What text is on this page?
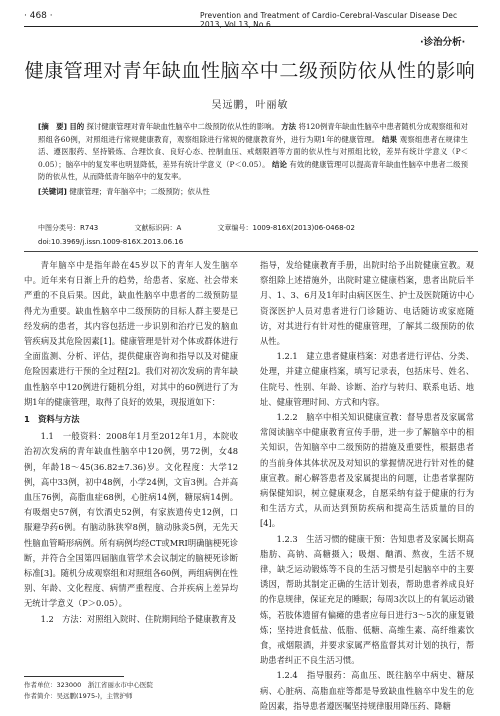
· 468 ·	Prevention and Treatment of Cardio-Cerebral-Vascular Disease Dec 2013, Vol 13, No 6
·诊治分析·
健康管理对青年缺血性脑卒中二级预防依从性的影响
吴远鹏，叶丽敏

[摘　要] 目的 探讨健康管理对青年缺血性脑卒中二级预防依从性的影响。 方法 将120例青年缺血性脑卒中患者随机分成观察组和对照组各60例，对照组进行常规健康教育，观察组除进行常规的健康教育外，进行为期1年的健康管理。 结果 观察组患者在规律生活、遵医服药、坚持锻炼、合理饮食、良好心态、控制血压、戒烟限酒等方面的依从性与对照组比较，差异有统计学意义（P＜0.05）；脑卒中的复发率也明显降低，差异有统计学意义（P＜0.05）。 结论 有效的健康管理可以提高青年缺血性脑卒中患者二级预防的依从性，从而降低青年脑卒中的复发率。

[关键词] 健康管理；青年脑卒中；二级预防；依从性

中图分类号：R743	文献标识码：A	文章编号：1009-816X(2013)06-0468-02
doi:10.3969/j.issn.1009-816X.2013.06.16

青年脑卒中是指年龄在45岁以下的青年人发生脑卒中。近年来有日渐上升的趋势，给患者、家庭、社会带来严重的不良后果。因此，缺血性脑卒中患者的二级预防显得尤为重要。缺血性脑卒中二级预防的目标人群主要是已经发病的患者，其内容包括进一步识别和治疗已发的脑血管疾病及其危险因素[1]。健康管理是针对个体或群体进行全面监测、分析、评估，提供健康咨询和指导以及对健康危险因素进行干预的全过程[2]。我们对初次发病的青年缺血性脑卒中120例进行随机分组，对其中的60例进行了为期1年的健康管理，取得了良好的效果，现报道如下：

1　资料与方法

1.1　一般资料：2008年1月至2012年1月，本院收治初次发病的青年缺血性脑卒中120例，男72例，女48例，年龄18～45(36.82±7.36)岁。文化程度：大学12例，高中33例，初中48例，小学24例，文盲3例。合并高血压76例，高脂血症68例，心脏病14例，糖尿病14例。有吸烟史57例，有饮酒史52例，有家族遗传史12例，口服避孕药6例。有脑动脉狭窄8例，脑动脉炎5例，无先天性脑血管畸形病例。所有病例均经CT或MRI明确脑梗死诊断，并符合全国第四届脑血管学术会议制定的脑梗死诊断标准[3]。随机分成观察组和对照组各60例，两组病例在性别、年龄、文化程度、病情严重程度、合并疾病上差异均无统计学意义（P＞0.05）。

1.2　方法：对照组入院时、住院期间给予健康教育及

指导，发给健康教育手册，出院时给予出院健康宣教。观察组除上述措施外，出院时建立健康档案，患者出院后半月、1、3、6月及1年时由病区医生、护士及医院随访中心资深医护人员对患者进行门诊随访、电话随访或家庭随访，对其进行有针对性的健康管理，了解其二级预防的依从性。

1.2.1　建立患者健康档案：对患者进行评估、分类、处理，并建立健康档案，填写记录表，包括床号、姓名、住院号、性别、年龄、诊断、治疗与转归、联系电话、地址、健康管理时间、方式和内容。

1.2.2　脑卒中相关知识健康宣教：督导患者及家属常常阅读脑卒中健康教育宣传手册，进一步了解脑卒中的相关知识，告知脑卒中二级预防的措施及重要性，根据患者的当前身体其体状况及对知识的掌握情况进行针对性的健康宣教。耐心解答患者及家属提出的问题，让患者掌握防病保健知识，树立健康观念，自愿采纳有益于健康的行为和生活方式，从而达到预防疾病和提高生活质量的目的[4]。

1.2.3　生活习惯的健康干预：告知患者及家属长期高脂肪、高钠、高糖摄入；吸烟、酗酒、熬夜，生活不规律，缺乏运动锻炼等不良的生活习惯是引起脑卒中的主要诱因，帮助其制定正确的生活计划表，帮助患者养成良好的作息规律，保证充足的睡眠；每周3次以上的有氧运动锻炼，若肢体遗留有偏瘫的患者应每日进行3～5次的康复锻炼；坚持进食低盐、低脂、低糖、高维生素、高纤维素饮食，戒烟限酒，并要求家属严格监督其对计划的执行，帮助患者纠正不良生活习惯。

1.2.4　指导服药：高血压、既往脑卒中病史、糖尿病、心脏病、高脂血症等都是导致缺血性脑卒中发生的危险因素，指导患者遵医嘱坚持规律服用降压药、降糖

作者单位：323000　浙江省丽水市中心医院
作者简介：吴远鹏(1975-)，主管护师
